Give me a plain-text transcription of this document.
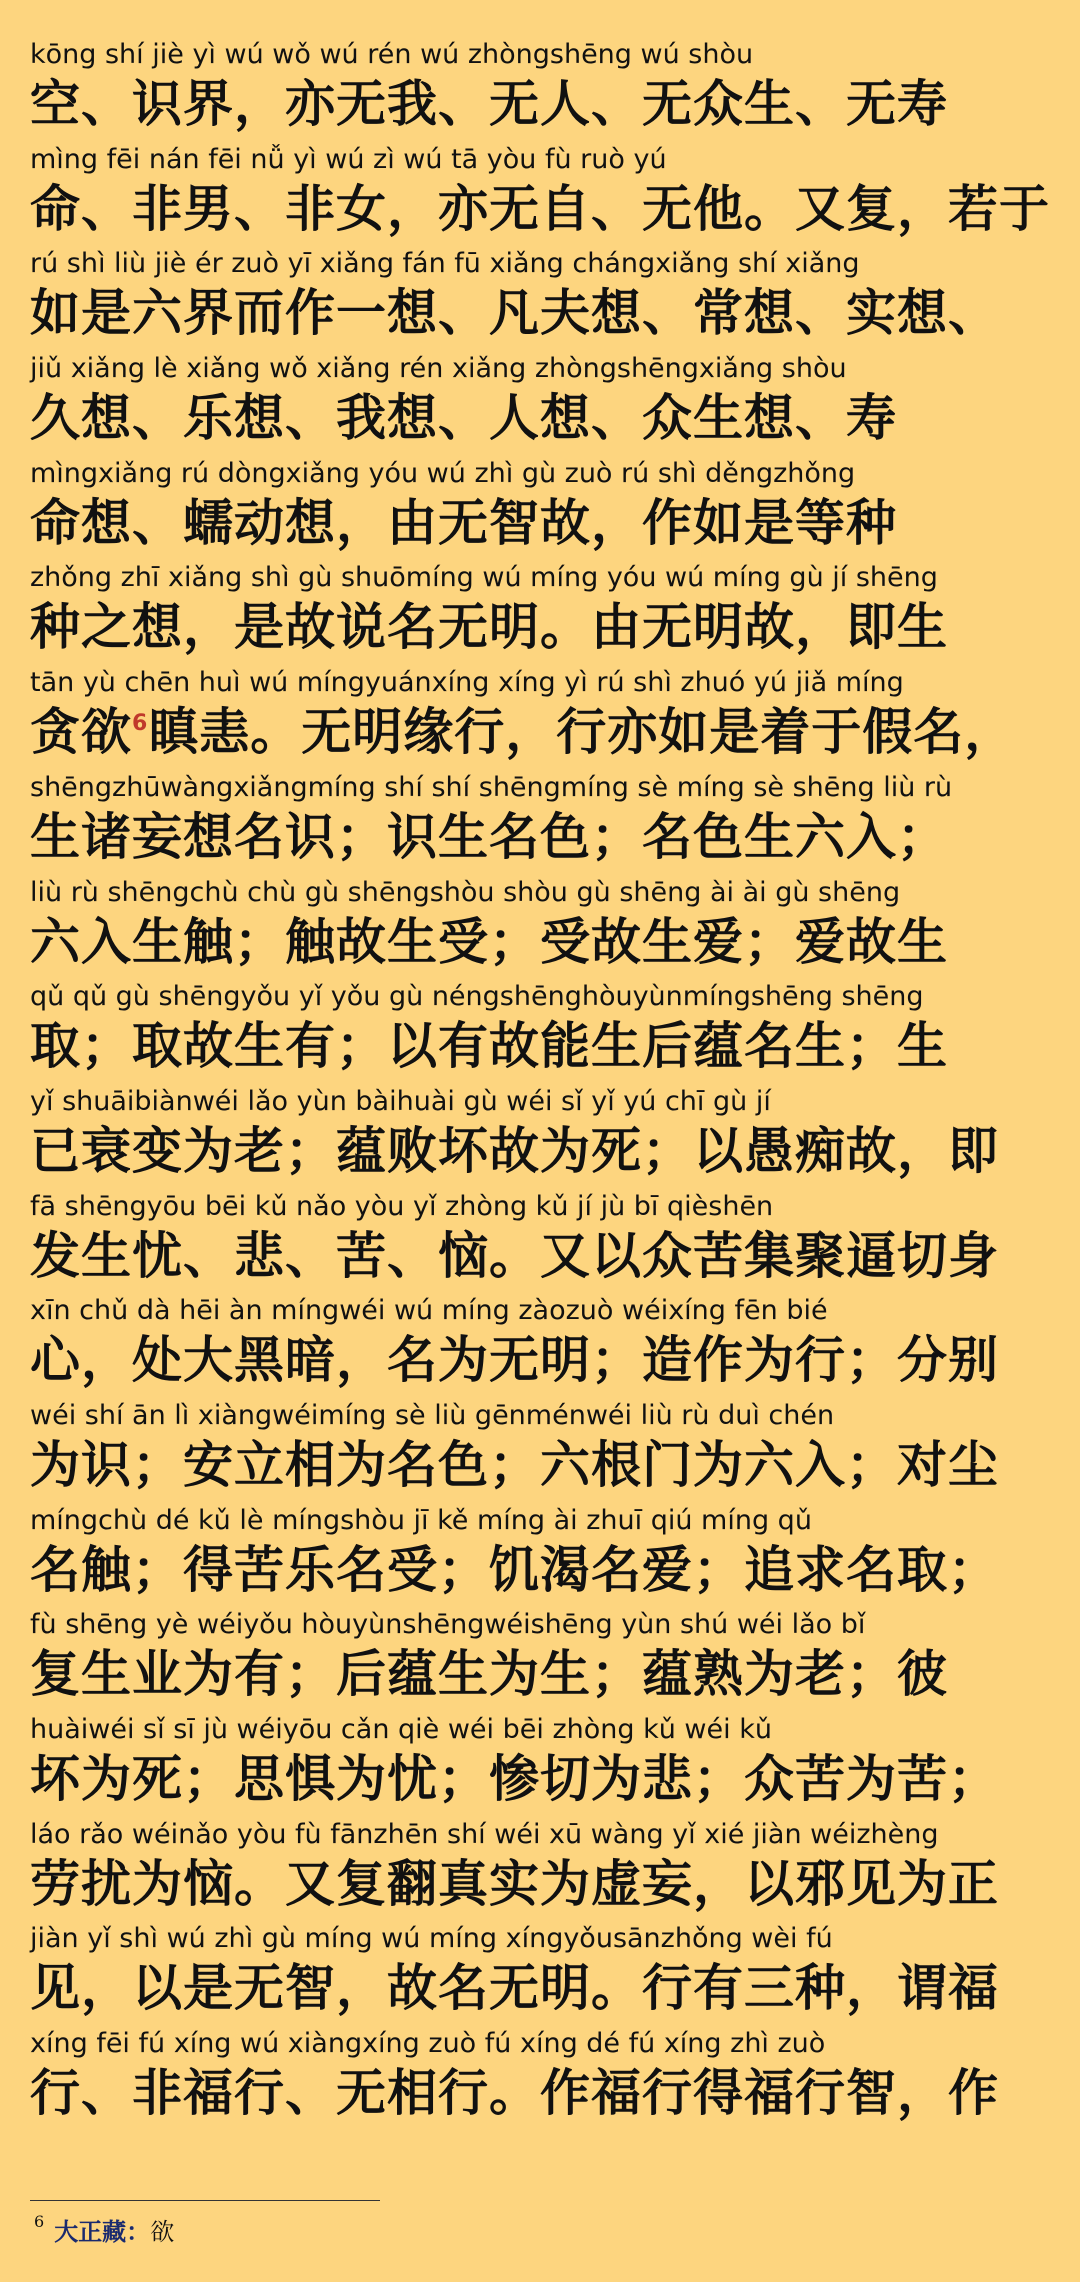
kōng shí jiè yì wú wǒ wú rén wú zhòngshēng wú shòu
空、识界，亦无我、无人、无众生、无寿
mìng fēi nán fēi nǚ yì wú zì wú tā yòu fù ruò yú
命、非男、非女，亦无自、无他。又复，若于
rú shì liù jiè ér zuò yī xiǎng fán fū xiǎng chángxiǎng shí xiǎng
如是六界而作一想、凡夫想、常想、实想、
jiǔ xiǎng lè xiǎng wǒ xiǎng rén xiǎng zhòngshēngxiǎng shòu
久想、乐想、我想、人想、众生想、寿
mìngxiǎng rú dòngxiǎng yóu wú zhì gù zuò rú shì děngzhǒng
命想、蠕动想，由无智故，作如是等种
zhǒng zhī xiǎng shì gù shuōmíng wú míng yóu wú míng gù jí shēng
种之想，是故说名无明。由无明故，即生
tān yù chēn huì wú míngyuánxíng xíng yì rú shì zhuó yú jiǎ míng
贪欲$^6$瞋恚。无明缘行，行亦如是着于假名，
shēngzhūwàngxiǎngmíng shí shí shēngmíng sè míng sè shēng liù rù
生诸妄想名识；识生名色；名色生六入；
liù rù shēngchù chù gù shēngshòu shòu gù shēng ài ài gù shēng
六入生触；触故生受；受故生爱；爱故生
qǔ qǔ gù shēngyǒu yǐ yǒu gù néngshēnghòuyùnmíngshēng shēng
取；取故生有；以有故能生后蕴名生；生
yǐ shuāibiànwéi lǎo yùn bàihuài gù wéi sǐ yǐ yú chī gù jí
已衰变为老；蕴败坏故为死；以愚痴故，即
fā shēngyōu bēi kǔ nǎo yòu yǐ zhòng kǔ jí jù bī qièshēn
发生忧、悲、苦、恼。又以众苦集聚逼切身
xīn chǔ dà hēi àn míngwéi wú míng zàozuò wéixíng fēn bié
心，处大黑暗，名为无明；造作为行；分别
wéi shí ān lì xiàngwéimíng sè liù gēnménwéi liù rù duì chén
为识；安立相为名色；六根门为六入；对尘
míngchù dé kǔ lè míngshòu jī kě míng ài zhuī qiú míng qǔ
名触；得苦乐名受；饥渴名爱；追求名取；
fù shēng yè wéiyǒu hòuyùnshēngwéishēng yùn shú wéi lǎo bǐ
复生业为有；后蕴生为生；蕴熟为老；彼
huàiwéi sǐ sī jù wéiyōu cǎn qiè wéi bēi zhòng kǔ wéi kǔ
坏为死；思惧为忧；惨切为悲；众苦为苦；
láo rǎo wéinǎo yòu fù fānzhēn shí wéi xū wàng yǐ xié jiàn wéizhèng
劳扰为恼。又复翻真实为虚妄，以邪见为正
jiàn yǐ shì wú zhì gù míng wú míng xíngyǒusānzhǒng wèi fú
见，以是无智，故名无明。行有三种，谓福
xíng fēi fú xíng wú xiàngxíng zuò fú xíng dé fú xíng zhì zuò
行、非福行、无相行。作福行得福行智，作
$^6$ 大正藏：欲
